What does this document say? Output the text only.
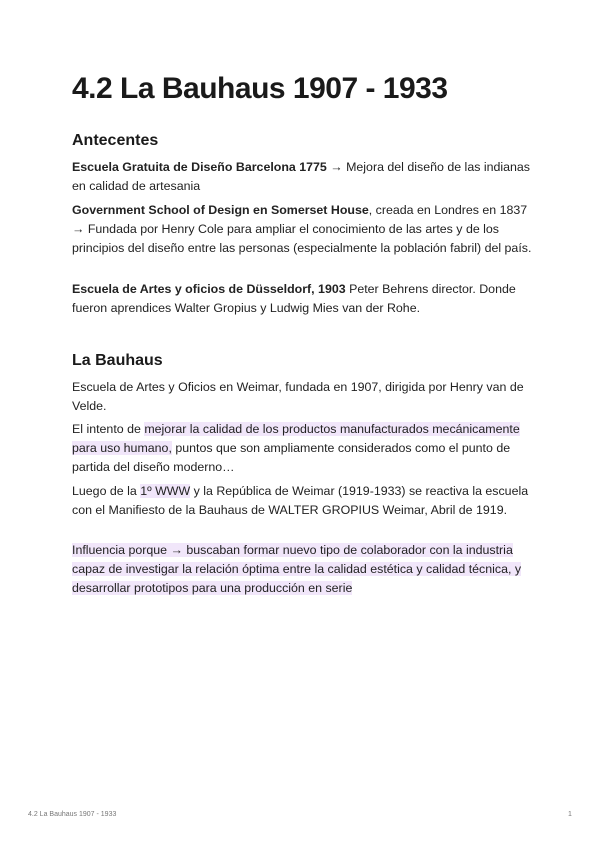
4.2 La Bauhaus 1907 - 1933
Antecentes

Escuela Gratuita de Diseño Barcelona 1775 → Mejora del diseño de las indianas en calidad de artesania

Government School of Design en Somerset House, creada en Londres en 1837 → Fundada por Henry Cole para ampliar el conocimiento de las artes y de los principios del diseño entre las personas (especialmente la población fabril) del país.

Escuela de Artes y oficios de Düsseldorf, 1903 Peter Behrens director. Donde fueron aprendices Walter Gropius y Ludwig Mies van der Rohe.

La Bauhaus

Escuela de Artes y Oficios en Weimar, fundada en 1907, dirigida por Henry van de Velde.

El intento de mejorar la calidad de los productos manufacturados mecánicamente para uso humano, puntos que son ampliamente considerados como el punto de partida del diseño moderno…

Luego de la 1º WWW y la República de Weimar (1919-1933) se reactiva la escuela con el Manifiesto de la Bauhaus de WALTER GROPIUS Weimar, Abril de 1919.

Influencia porque → buscaban formar nuevo tipo de colaborador con la industria capaz de investigar la relación óptima entre la calidad estética y calidad técnica, y desarrollar prototipos para una producción en serie

4.2 La Bauhaus 1907 - 1933	1
